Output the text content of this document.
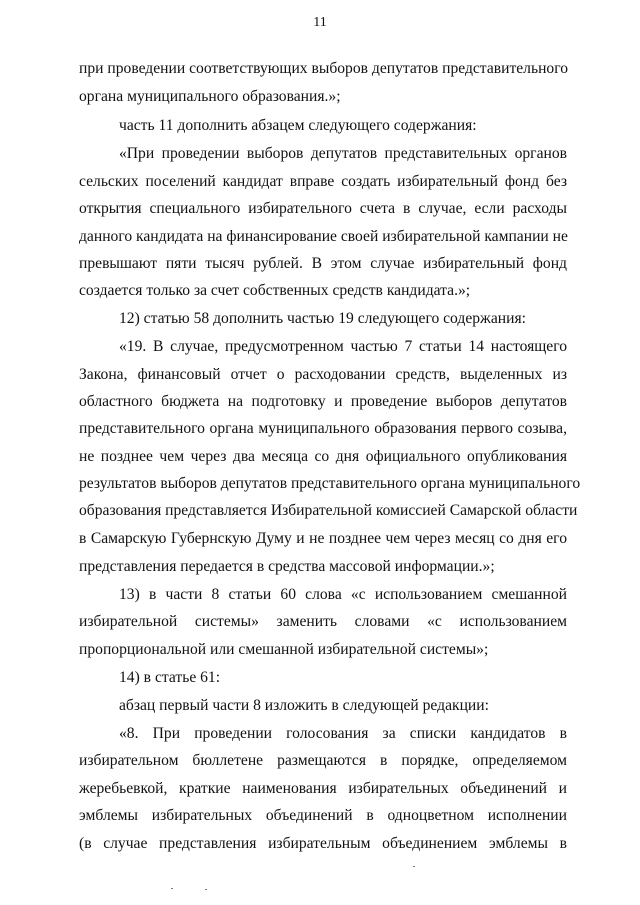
11
при проведении соответствующих выборов депутатов представительного
органа муниципального образования.»;
часть 11 дополнить абзацем следующего содержания:
«При проведении выборов депутатов представительных органов
сельских поселений кандидат вправе создать избирательный фонд без
открытия специального избирательного счета в случае, если расходы
данного кандидата на финансирование своей избирательной кампании не
превышают пяти тысяч рублей. В этом случае избирательный фонд
создается только за счет собственных средств кандидата.»;
12) статью 58 дополнить частью 19 следующего содержания:
«19. В случае, предусмотренном частью 7 статьи 14 настоящего
Закона, финансовый отчет о расходовании средств, выделенных из
областного бюджета на подготовку и проведение выборов депутатов
представительного органа муниципального образования первого созыва,
не позднее чем через два месяца со дня официального опубликования
результатов выборов депутатов представительного органа муниципального
образования представляется Избирательной комиссией Самарской области
в Самарскую Губернскую Думу и не позднее чем через месяц со дня его
представления передается в средства массовой информации.»;
13) в части 8 статьи 60 слова «с использованием смешанной
избирательной системы» заменить словами «с использованием
пропорциональной или смешанной избирательной системы»;
14) в статье 61:
абзац первый части 8 изложить в следующей редакции:
«8. При проведении голосования за списки кандидатов в
избирательном бюллетене размещаются в порядке, определяемом
жеребьевкой, краткие наименования избирательных объединений и
эмблемы избирательных объединений в одноцветном исполнении
(в случае представления избирательным объединением эмблемы в
